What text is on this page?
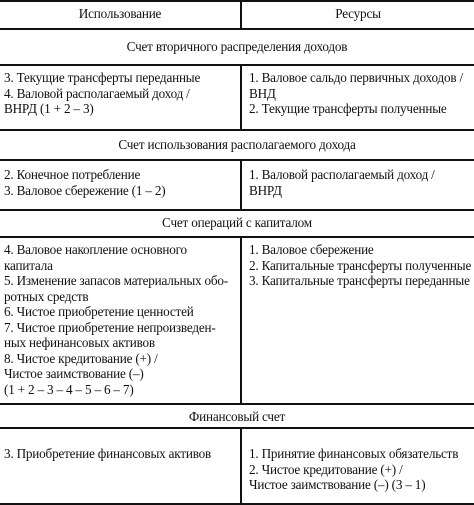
Использование	Ресурсы
Счет вторичного распределения доходов
3. Текущие трансферты переданные
4. Валовой располагаемый доход /
ВНРД (1 + 2 – 3)
1. Валовое сальдо первичных доходов /
ВНД
2. Текущие трансферты полученные
Счет использования располагаемого дохода
2. Конечное потребление
3. Валовое сбережение (1 – 2)
1. Валовой располагаемый доход /
ВНРД
Счет операций с капиталом
4. Валовое накопление основного капитала
5. Изменение запасов материальных обо-
ротных средств
6. Чистое приобретение ценностей
7. Чистое приобретение непроизведен-
ных нефинансовых активов
8. Чистое кредитование (+) /
Чистое заимствование (–)
(1 + 2 – 3 – 4 – 5 – 6 – 7)
1. Валовое сбережение
2. Капитальные трансферты полученные
3. Капитальные трансферты переданные
Финансовый счет
3. Приобретение финансовых активов	1. Принятие финансовых обязательств
2. Чистое кредитование (+) /
Чистое заимствование (–) (3 – 1)
